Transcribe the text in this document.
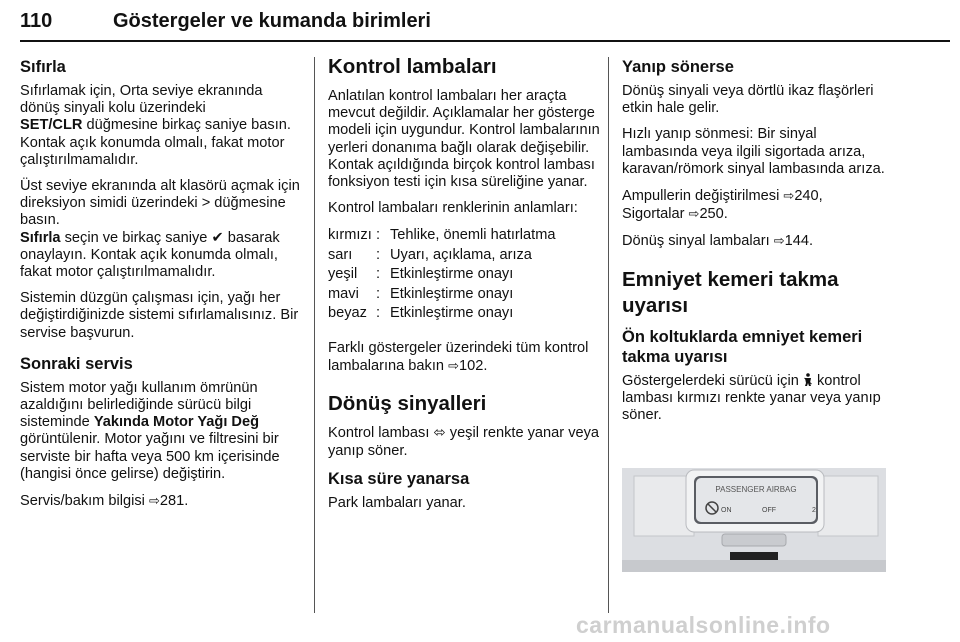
110	Göstergeler ve kumanda birimleri
Sıfırla

Sıfırlamak için, Orta seviye ekranında dönüş sinyali kolu üzerindeki
SET/CLR düğmesine birkaç saniye basın. Kontak açık konumda olmalı, fakat motor çalıştırılmamalıdır.

Üst seviye ekranında alt klasörü açmak için direksiyon simidi üzerindeki > düğmesine basın.
Sıfırla seçin ve birkaç saniye ✔ basarak onaylayın. Kontak açık konumda olmalı, fakat motor çalıştırılmamalıdır.

Sistemin düzgün çalışması için, yağı her değiştirdiğinizde sistemi sıfırlamalısınız. Bir servise başvurun.

Sonraki servis

Sistem motor yağı kullanım ömrünün azaldığını belirlediğinde sürücü bilgi sisteminde Yakında Motor Yağı Değ görüntülenir. Motor yağını ve filtresini bir serviste bir hafta veya 500 km içerisinde (hangisi önce gelirse) değiştirin.

Servis/bakım bilgisi ⇨ 281.

Kontrol lambaları

Anlatılan kontrol lambaları her araçta mevcut değildir. Açıklamalar her gösterge modeli için uygundur. Kontrol lambalarının yerleri donanıma bağlı olarak değişebilir. Kontak açıldığında birçok kontrol lambası fonksiyon testi için kısa süreliğine yanar.

Kontrol lambaları renklerinin anlamları:

kırmızı	:	Tehlike, önemli hatırlatma
sarı	:	Uyarı, açıklama, arıza
yeşil	:	Etkinleştirme onayı
mavi	:	Etkinleştirme onayı
beyaz	:	Etkinleştirme onayı

Farklı göstergeler üzerindeki tüm kontrol lambalarına bakın ⇨ 102.

Dönüş sinyalleri

Kontrol lambası ⬄ yeşil renkte yanar veya yanıp söner.

Kısa süre yanarsa

Park lambaları yanar.

Yanıp sönerse

Dönüş sinyali veya dörtlü ikaz flaşörleri etkin hale gelir.

Hızlı yanıp sönmesi: Bir sinyal lambasında veya ilgili sigortada arıza, karavan/römork sinyal lambasında arıza.

Ampullerin değiştirilmesi ⇨ 240,
Sigortalar ⇨ 250.

Dönüş sinyal lambaları ⇨ 144.

Emniyet kemeri takma uyarısı
Ön koltuklarda emniyet kemeri takma uyarısı

Göstergelerdeki sürücü için kontrol lambası kırmızı renkte yanar veya yanıp söner.

PASSENGER AIRBAG
ON	OFF	2
carmanualsonline.info
